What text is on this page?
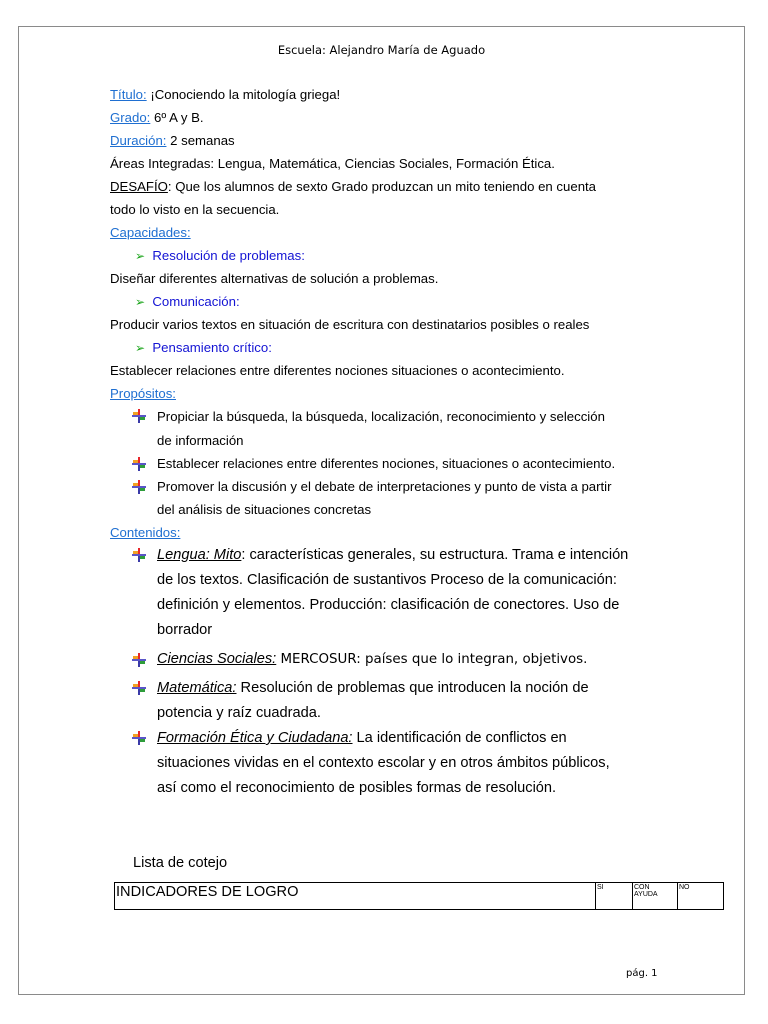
Escuela: Alejandro María de Aguado
Título: ¡Conociendo la mitología griega!
Grado: 6º A y B.
Duración: 2 semanas
Áreas Integradas: Lengua, Matemática, Ciencias Sociales, Formación Ética.
DESAFÍO: Que los alumnos de sexto Grado produzcan un mito teniendo en cuenta
todo lo visto en la secuencia.
Capacidades:
➢ Resolución de problemas:
Diseñar diferentes alternativas de solución a problemas.
➢ Comunicación:
Producir varios textos en situación de escritura con destinatarios posibles o reales
➢ Pensamiento crítico:
Establecer relaciones entre diferentes nociones situaciones o acontecimiento.
Propósitos:
Propiciar la búsqueda, la búsqueda, localización, reconocimiento y selección
de información
Establecer relaciones entre diferentes nociones, situaciones o acontecimiento.
Promover la discusión y el debate de interpretaciones y punto de vista a partir
del análisis de situaciones concretas
Contenidos:
Lengua: Mito: características generales, su estructura. Trama e intención
de los textos. Clasificación de sustantivos Proceso de la comunicación:
definición y elementos. Producción: clasificación de conectores. Uso de
borrador
Ciencias Sociales: MERCOSUR: países que lo integran, objetivos.
Matemática: Resolución de problemas que introducen la noción de
potencia y raíz cuadrada.
Formación Ética y Ciudadana: La identificación de conflictos en
situaciones vividas en el contexto escolar y en otros ámbitos públicos,
así como el reconocimiento de posibles formas de resolución.
Lista de cotejo
INDICADORES DE LOGRO	SI	CON
AYUDA
NO
pág. 1
